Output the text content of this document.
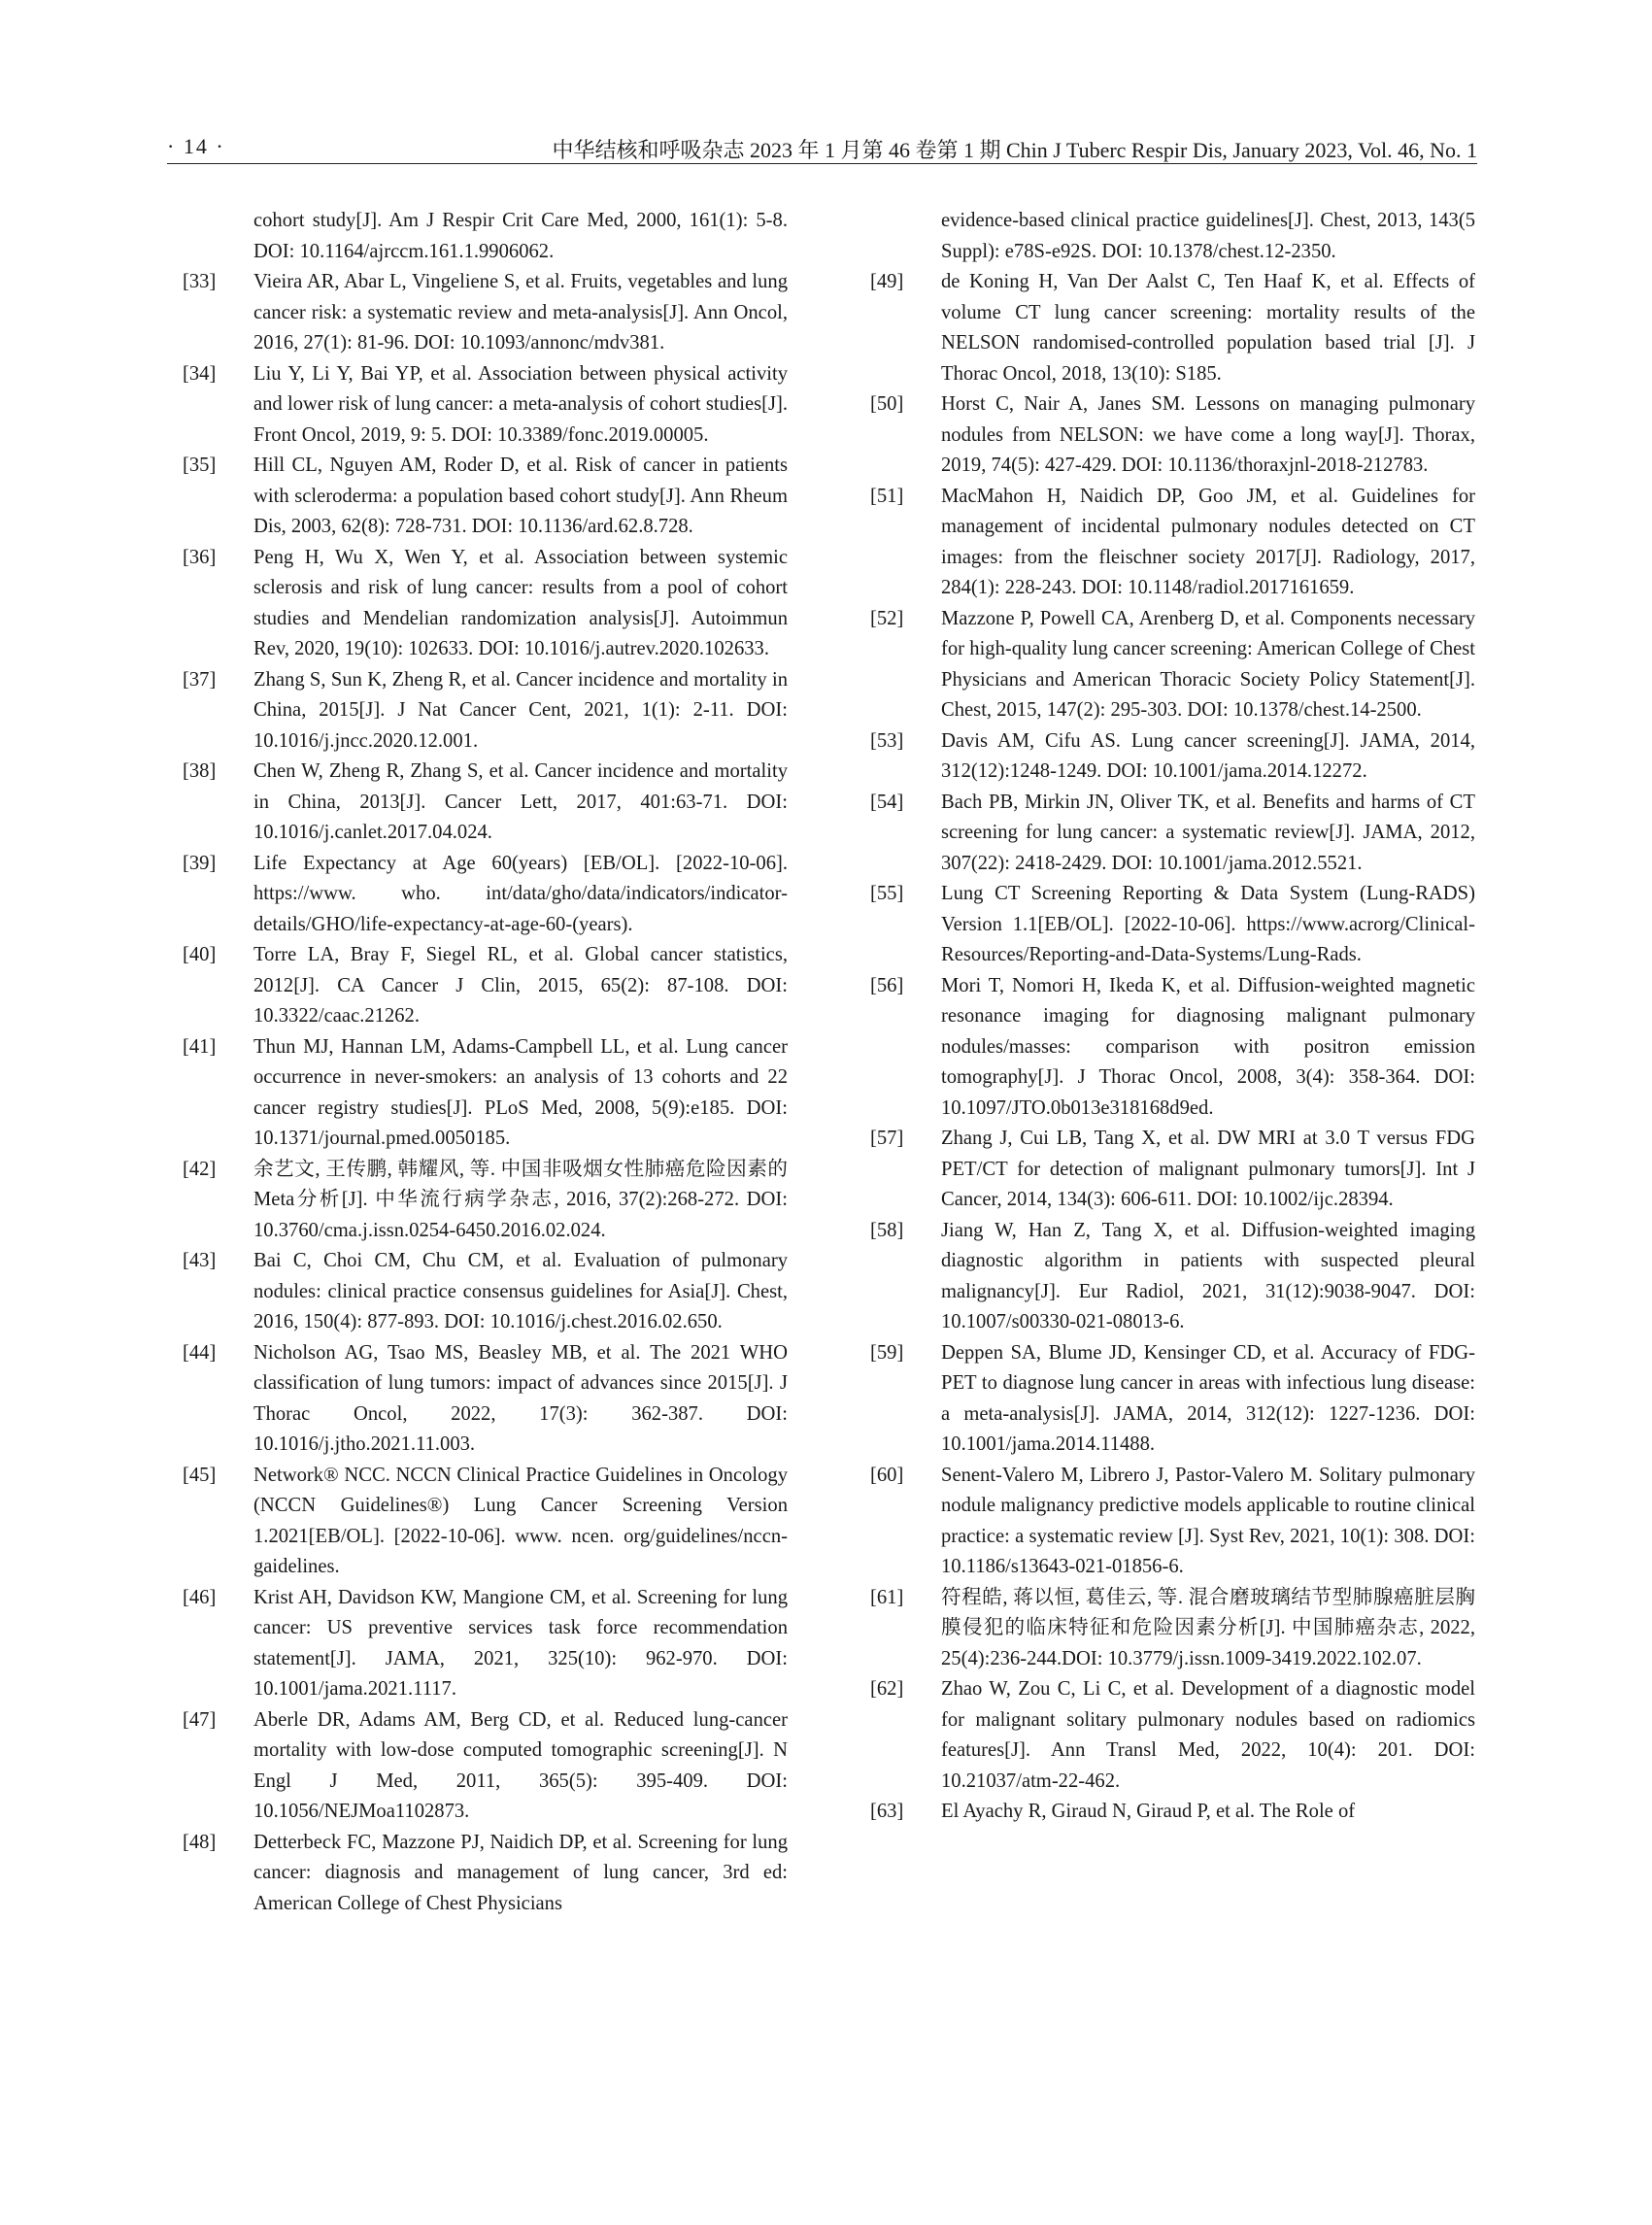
· 14 ·	中华结核和呼吸杂志 2023 年 1 月第 46 卷第 1 期 Chin J Tuberc Respir Dis, January 2023, Vol. 46, No. 1
cohort study[J]. Am J Respir Crit Care Med, 2000, 161(1): 5-8. DOI: 10.1164/ajrccm.161.1.9906062.
[33] Vieira AR, Abar L, Vingeliene S, et al. Fruits, vegetables and lung cancer risk: a systematic review and meta-analysis[J]. Ann Oncol, 2016, 27(1): 81-96. DOI: 10.1093/annonc/mdv381.
[34] Liu Y, Li Y, Bai YP, et al. Association between physical activity and lower risk of lung cancer: a meta-analysis of cohort studies[J]. Front Oncol, 2019, 9: 5. DOI: 10.3389/fonc.2019.00005.
[35] Hill CL, Nguyen AM, Roder D, et al. Risk of cancer in patients with scleroderma: a population based cohort study[J]. Ann Rheum Dis, 2003, 62(8): 728-731. DOI: 10.1136/ard.62.8.728.
[36] Peng H, Wu X, Wen Y, et al. Association between systemic sclerosis and risk of lung cancer: results from a pool of cohort studies and Mendelian randomization analysis[J]. Autoimmun Rev, 2020, 19(10): 102633. DOI: 10.1016/j.autrev.2020.102633.
[37] Zhang S, Sun K, Zheng R, et al. Cancer incidence and mortality in China, 2015[J]. J Nat Cancer Cent, 2021, 1(1): 2-11. DOI: 10.1016/j.jncc.2020.12.001.
[38] Chen W, Zheng R, Zhang S, et al. Cancer incidence and mortality in China, 2013[J]. Cancer Lett, 2017, 401:63-71. DOI: 10.1016/j.canlet.2017.04.024.
[39] Life Expectancy at Age 60(years) [EB/OL]. [2022-10-06]. https://www. who. int/data/gho/data/indicators/indicator-details/GHO/life-expectancy-at-age-60-(years).
[40] Torre LA, Bray F, Siegel RL, et al. Global cancer statistics, 2012[J]. CA Cancer J Clin, 2015, 65(2): 87-108. DOI: 10.3322/caac.21262.
[41] Thun MJ, Hannan LM, Adams-Campbell LL, et al. Lung cancer occurrence in never-smokers: an analysis of 13 cohorts and 22 cancer registry studies[J]. PLoS Med, 2008, 5(9):e185. DOI: 10.1371/journal.pmed.0050185.
[42] 余艺文, 王传鹏, 韩耀风, 等. 中国非吸烟女性肺癌危险因素的Meta分析[J]. 中华流行病学杂志, 2016, 37(2):268-272. DOI: 10.3760/cma.j.issn.0254-6450.2016.02.024.
[43] Bai C, Choi CM, Chu CM, et al. Evaluation of pulmonary nodules: clinical practice consensus guidelines for Asia[J]. Chest, 2016, 150(4): 877-893. DOI: 10.1016/j.chest.2016.02.650.
[44] Nicholson AG, Tsao MS, Beasley MB, et al. The 2021 WHO classification of lung tumors: impact of advances since 2015[J]. J Thorac Oncol, 2022, 17(3): 362-387. DOI: 10.1016/j.jtho.2021.11.003.
[45] Network® NCC. NCCN Clinical Practice Guidelines in Oncology (NCCN Guidelines®) Lung Cancer Screening Version 1.2021[EB/OL]. [2022-10-06]. www. ncen. org/guidelines/nccn-gaidelines.
[46] Krist AH, Davidson KW, Mangione CM, et al. Screening for lung cancer: US preventive services task force recommendation statement[J]. JAMA, 2021, 325(10): 962-970. DOI: 10.1001/jama.2021.1117.
[47] Aberle DR, Adams AM, Berg CD, et al. Reduced lung-cancer mortality with low-dose computed tomographic screening[J]. N Engl J Med, 2011, 365(5): 395-409. DOI: 10.1056/NEJMoa1102873.
[48] Detterbeck FC, Mazzone PJ, Naidich DP, et al. Screening for lung cancer: diagnosis and management of lung cancer, 3rd ed: American College of Chest Physicians
evidence-based clinical practice guidelines[J]. Chest, 2013, 143(5 Suppl): e78S-e92S. DOI: 10.1378/chest.12-2350.
[49] de Koning H, Van Der Aalst C, Ten Haaf K, et al. Effects of volume CT lung cancer screening: mortality results of the NELSON randomised-controlled population based trial [J]. J Thorac Oncol, 2018, 13(10): S185.
[50] Horst C, Nair A, Janes SM. Lessons on managing pulmonary nodules from NELSON: we have come a long way[J]. Thorax, 2019, 74(5): 427-429. DOI: 10.1136/thoraxjnl-2018-212783.
[51] MacMahon H, Naidich DP, Goo JM, et al. Guidelines for management of incidental pulmonary nodules detected on CT images: from the fleischner society 2017[J]. Radiology, 2017, 284(1): 228-243. DOI: 10.1148/radiol.2017161659.
[52] Mazzone P, Powell CA, Arenberg D, et al. Components necessary for high-quality lung cancer screening: American College of Chest Physicians and American Thoracic Society Policy Statement[J]. Chest, 2015, 147(2): 295-303. DOI: 10.1378/chest.14-2500.
[53] Davis AM, Cifu AS. Lung cancer screening[J]. JAMA, 2014, 312(12):1248-1249. DOI: 10.1001/jama.2014.12272.
[54] Bach PB, Mirkin JN, Oliver TK, et al. Benefits and harms of CT screening for lung cancer: a systematic review[J]. JAMA, 2012, 307(22): 2418-2429. DOI: 10.1001/jama.2012.5521.
[55] Lung CT Screening Reporting & Data System (Lung-RADS) Version 1.1[EB/OL]. [2022-10-06]. https://www.acrorg/Clinical-Resources/Reporting-and-Data-Systems/Lung-Rads.
[56] Mori T, Nomori H, Ikeda K, et al. Diffusion-weighted magnetic resonance imaging for diagnosing malignant pulmonary nodules/masses: comparison with positron emission tomography[J]. J Thorac Oncol, 2008, 3(4): 358-364. DOI: 10.1097/JTO.0b013e318168d9ed.
[57] Zhang J, Cui LB, Tang X, et al. DW MRI at 3.0 T versus FDG PET/CT for detection of malignant pulmonary tumors[J]. Int J Cancer, 2014, 134(3): 606-611. DOI: 10.1002/ijc.28394.
[58] Jiang W, Han Z, Tang X, et al. Diffusion-weighted imaging diagnostic algorithm in patients with suspected pleural malignancy[J]. Eur Radiol, 2021, 31(12):9038-9047. DOI: 10.1007/s00330-021-08013-6.
[59] Deppen SA, Blume JD, Kensinger CD, et al. Accuracy of FDG-PET to diagnose lung cancer in areas with infectious lung disease: a meta-analysis[J]. JAMA, 2014, 312(12): 1227-1236. DOI: 10.1001/jama.2014.11488.
[60] Senent-Valero M, Librero J, Pastor-Valero M. Solitary pulmonary nodule malignancy predictive models applicable to routine clinical practice: a systematic review [J]. Syst Rev, 2021, 10(1): 308. DOI: 10.1186/s13643-021-01856-6.
[61] 符程皓, 蒋以恒, 葛佳云, 等. 混合磨玻璃结节型肺腺癌脏层胸膜侵犯的临床特征和危险因素分析[J]. 中国肺癌杂志, 2022, 25(4):236-244.DOI: 10.3779/j.issn.1009-3419.2022.102.07.
[62] Zhao W, Zou C, Li C, et al. Development of a diagnostic model for malignant solitary pulmonary nodules based on radiomics features[J]. Ann Transl Med, 2022, 10(4): 201. DOI: 10.21037/atm-22-462.
[63] El Ayachy R, Giraud N, Giraud P, et al. The Role of
